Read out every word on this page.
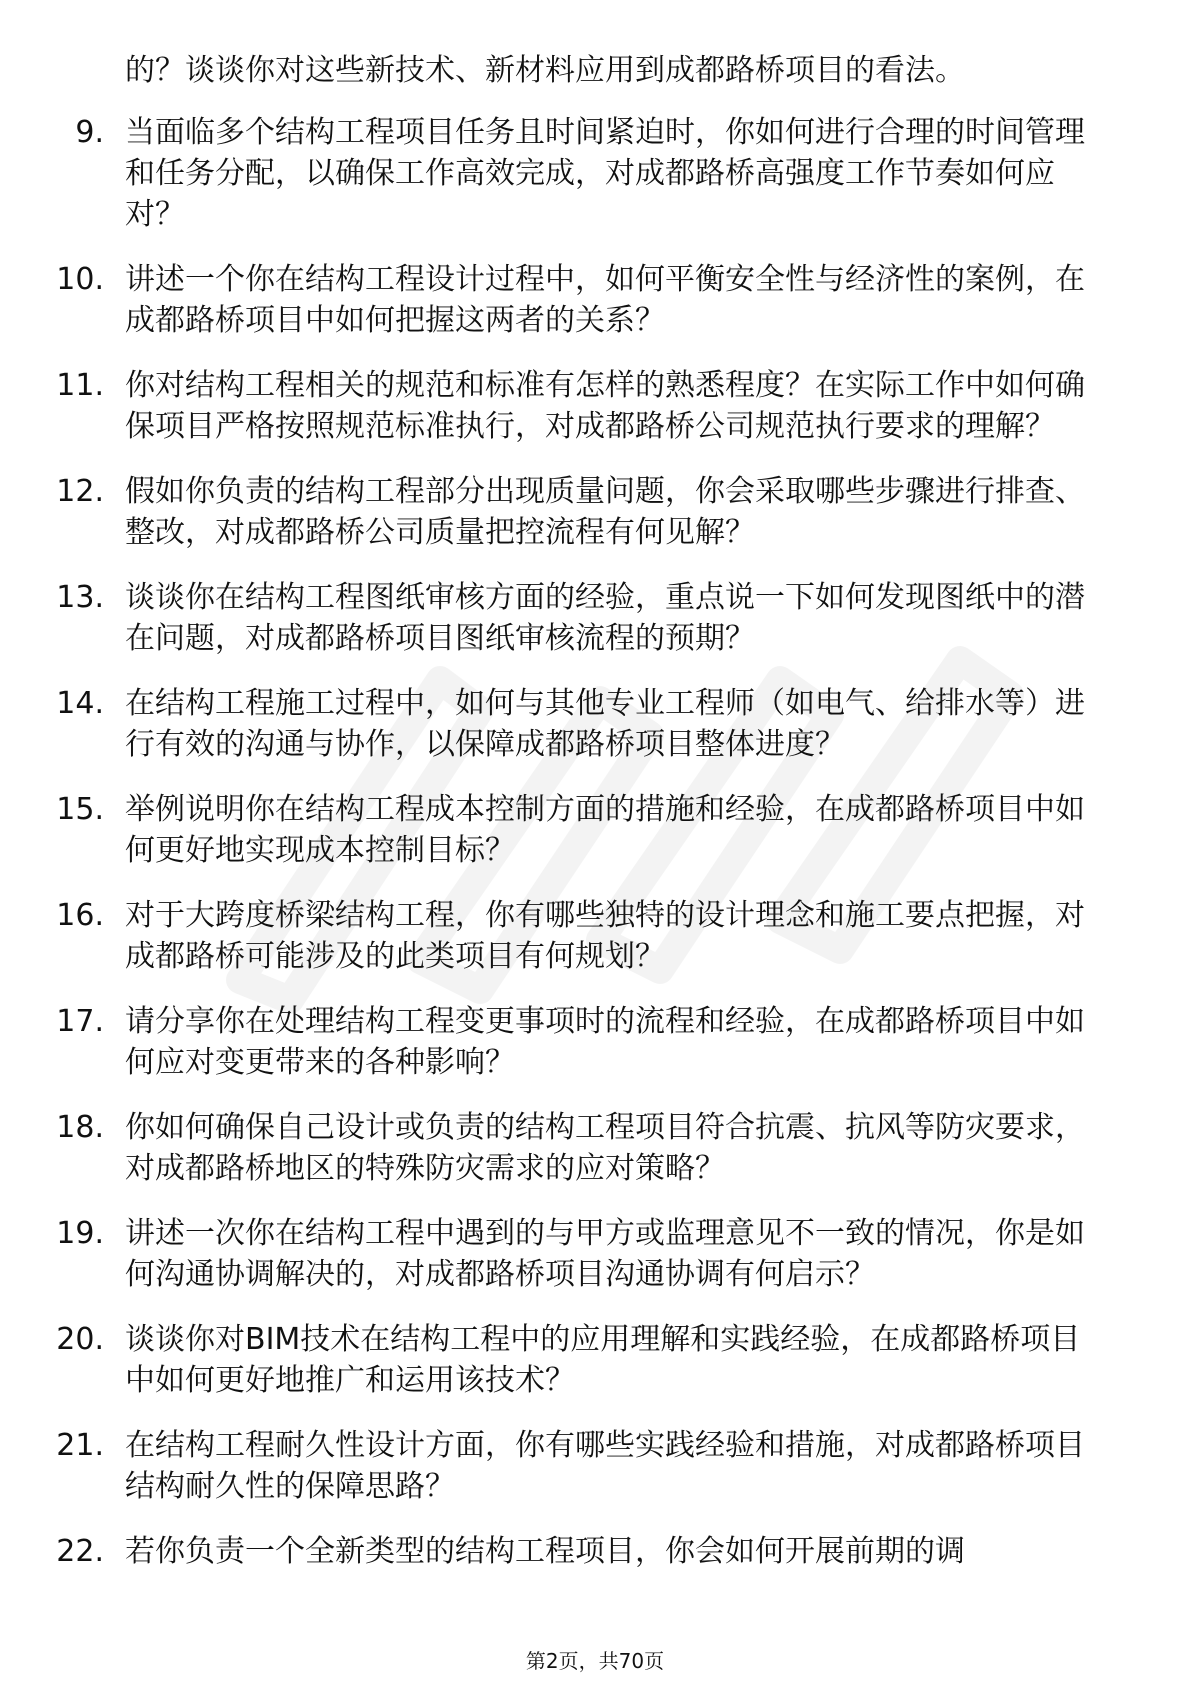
的？谈谈你对这些新技术、新材料应用到成都路桥项目的看法。

9. 当面临多个结构工程项目任务且时间紧迫时，你如何进行合理的时间管理和任务分配，以确保工作高效完成，对成都路桥高强度工作节奏如何应对？
10. 讲述一个你在结构工程设计过程中，如何平衡安全性与经济性的案例，在成都路桥项目中如何把握这两者的关系？
11. 你对结构工程相关的规范和标准有怎样的熟悉程度？在实际工作中如何确保项目严格按照规范标准执行，对成都路桥公司规范执行要求的理解？
12. 假如你负责的结构工程部分出现质量问题，你会采取哪些步骤进行排查、整改，对成都路桥公司质量把控流程有何见解？
13. 谈谈你在结构工程图纸审核方面的经验，重点说一下如何发现图纸中的潜在问题，对成都路桥项目图纸审核流程的预期？
14. 在结构工程施工过程中，如何与其他专业工程师（如电气、给排水等）进行有效的沟通与协作，以保障成都路桥项目整体进度？
15. 举例说明你在结构工程成本控制方面的措施和经验，在成都路桥项目中如何更好地实现成本控制目标？
16. 对于大跨度桥梁结构工程，你有哪些独特的设计理念和施工要点把握，对成都路桥可能涉及的此类项目有何规划？
17. 请分享你在处理结构工程变更事项时的流程和经验，在成都路桥项目中如何应对变更带来的各种影响？
18. 你如何确保自己设计或负责的结构工程项目符合抗震、抗风等防灾要求，对成都路桥地区的特殊防灾需求的应对策略？
19. 讲述一次你在结构工程中遇到的与甲方或监理意见不一致的情况，你是如何沟通协调解决的，对成都路桥项目沟通协调有何启示？
20. 谈谈你对BIM技术在结构工程中的应用理解和实践经验，在成都路桥项目中如何更好地推广和运用该技术？
21. 在结构工程耐久性设计方面，你有哪些实践经验和措施，对成都路桥项目结构耐久性的保障思路？
22. 若你负责一个全新类型的结构工程项目，你会如何开展前期的调
第2页，共70页
